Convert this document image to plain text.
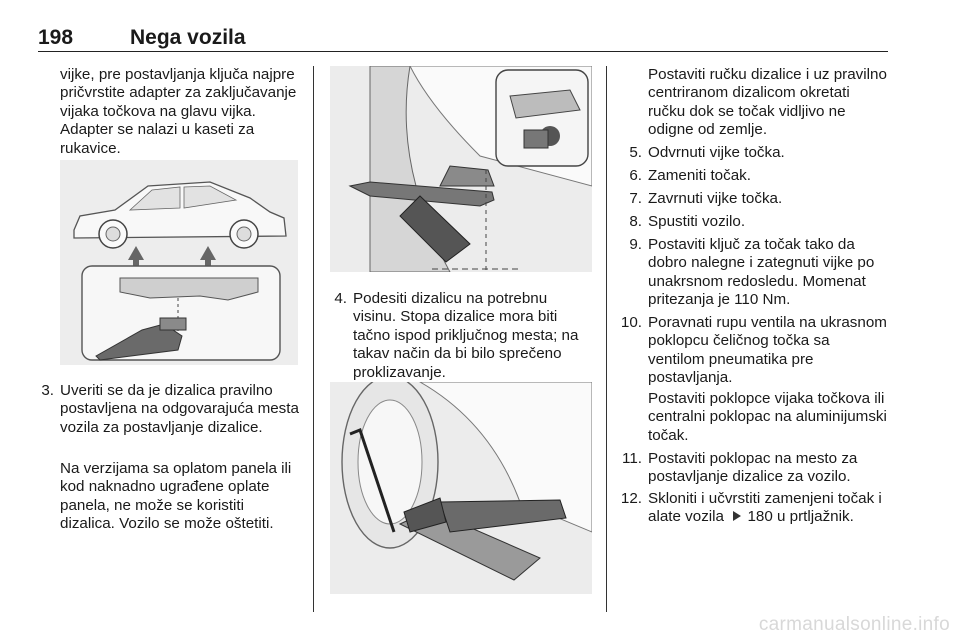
198	Nega vozila

vijke, pre postavljanja ključa najpre pričvrstite adapter za zaključavanje vijaka točkova na glavu vijka. Adapter se nalazi u kaseti za rukavice.

3. Uveriti se da je dizalica pravilno postavljena na odgovarajuća mesta vozila za postavljanje dizalice.

Na verzijama sa oplatom panela ili kod naknadno ugrađene oplate panela, ne može se koristiti dizalica. Vozilo se može oštetiti.

4. Podesiti dizalicu na potrebnu visinu. Stopa dizalice mora biti tačno ispod priključnog mesta; na takav način da bi bilo sprečeno proklizavanje.

Postaviti ručku dizalice i uz pravilno centriranom dizalicom okretati ručku dok se točak vidljivo ne odigne od zemlje.

5. Odvrnuti vijke točka.

6. Zameniti točak.

7. Zavrnuti vijke točka.

8. Spustiti vozilo.

9. Postaviti ključ za točak tako da dobro nalegne i zategnuti vijke po unakrsnom redosledu. Momenat pritezanja je 110 Nm.

10. Poravnati rupu ventila na ukrasnom poklopcu čeličnog točka sa ventilom pneumatika pre postavljanja.

Postaviti poklopce vijaka točkova ili centralni poklopac na aluminijumski točak.

11. Postaviti poklopac na mesto za postavljanje dizalice za vozilo.

12. Skloniti i učvrstiti zamenjeni točak i alate vozila  180 u prtljažnik.

carmanualsonline.info
